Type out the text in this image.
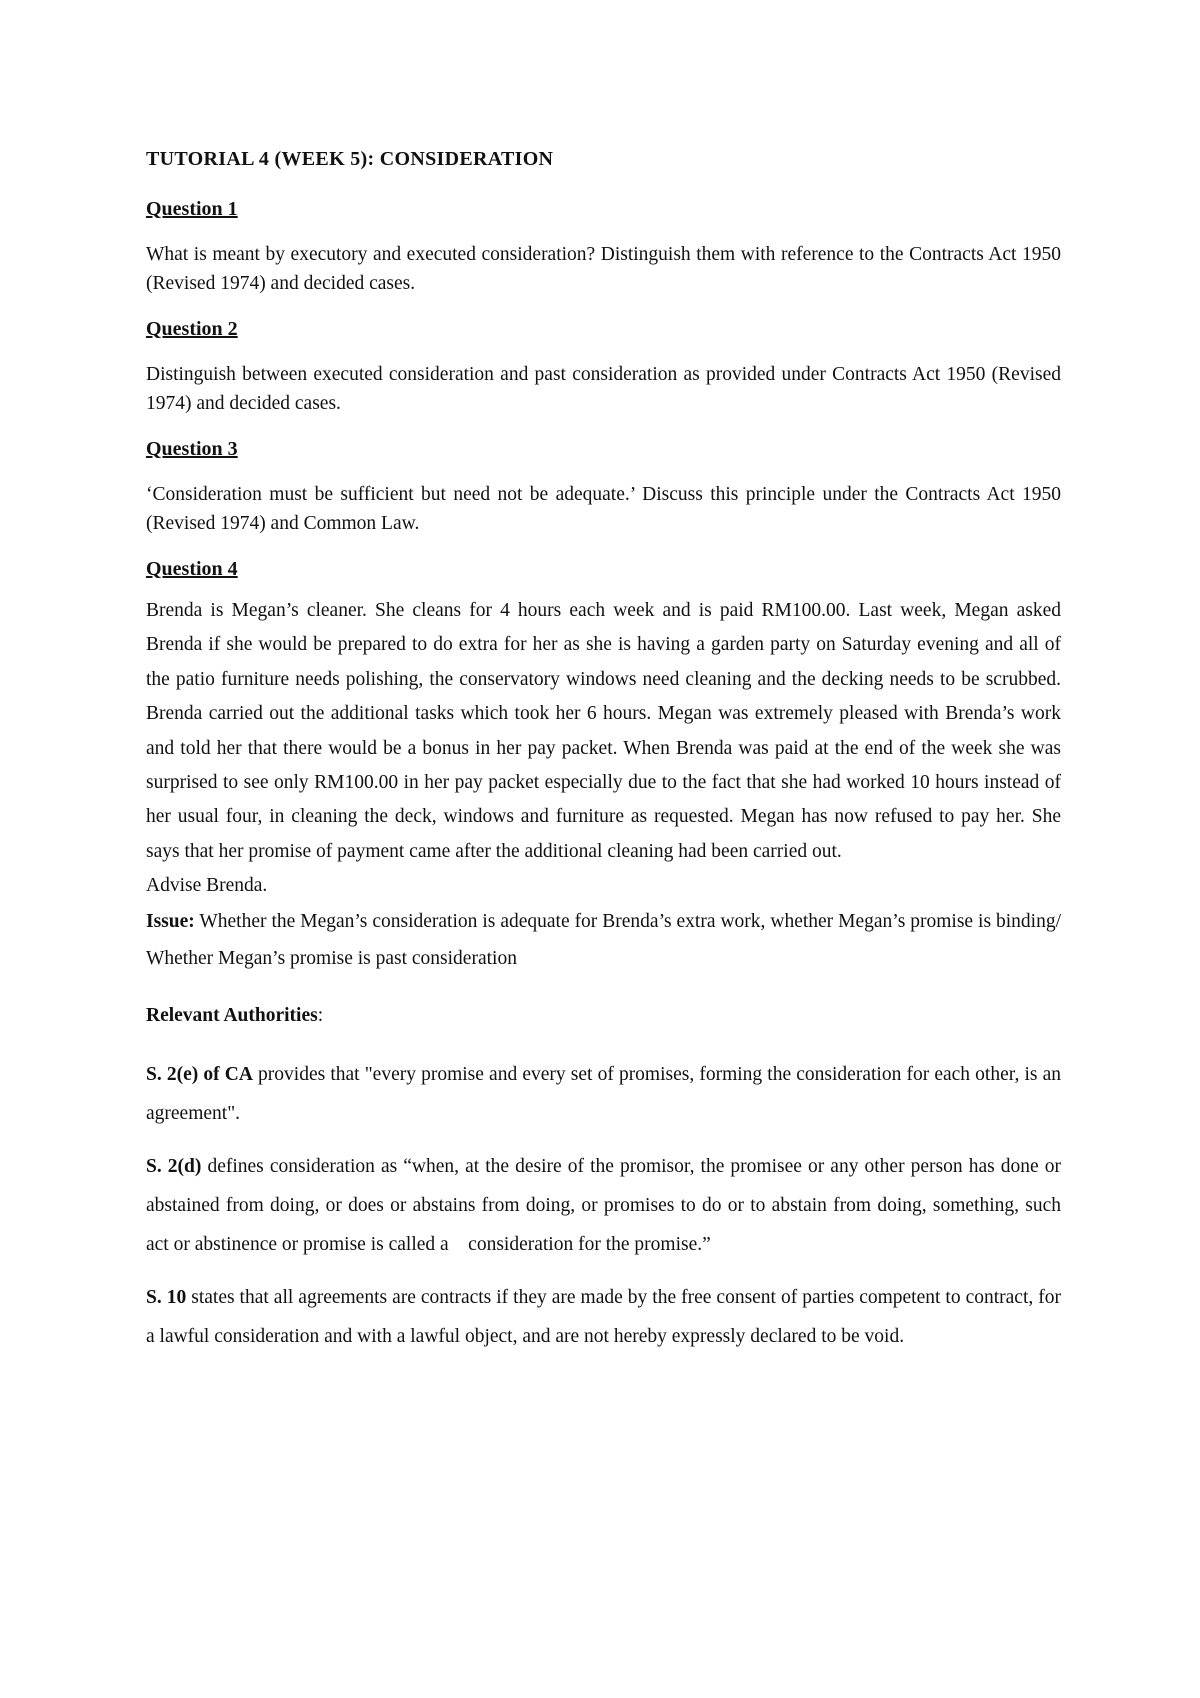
TUTORIAL 4 (WEEK 5): CONSIDERATION
Question 1
What is meant by executory and executed consideration? Distinguish them with reference to the Contracts Act 1950 (Revised 1974) and decided cases.
Question 2
Distinguish between executed consideration and past consideration as provided under Contracts Act 1950 (Revised 1974) and decided cases.
Question 3
‘Consideration must be sufficient but need not be adequate.’ Discuss this principle under the Contracts Act 1950 (Revised 1974) and Common Law.
Question 4
Brenda is Megan’s cleaner. She cleans for 4 hours each week and is paid RM100.00. Last week, Megan asked Brenda if she would be prepared to do extra for her as she is having a garden party on Saturday evening and all of the patio furniture needs polishing, the conservatory windows need cleaning and the decking needs to be scrubbed. Brenda carried out the additional tasks which took her 6 hours. Megan was extremely pleased with Brenda’s work and told her that there would be a bonus in her pay packet. When Brenda was paid at the end of the week she was surprised to see only RM100.00 in her pay packet especially due to the fact that she had worked 10 hours instead of her usual four, in cleaning the deck, windows and furniture as requested. Megan has now refused to pay her. She says that her promise of payment came after the additional cleaning had been carried out.
Advise Brenda.
Issue: Whether the Megan’s consideration is adequate for Brenda’s extra work, whether Megan’s promise is binding/ Whether Megan’s promise is past consideration
Relevant Authorities:
S. 2(e) of CA provides that "every promise and every set of promises, forming the consideration for each other, is an agreement".
S. 2(d) defines consideration as “when, at the desire of the promisor, the promisee or any other person has done or abstained from doing, or does or abstains from doing, or promises to do or to abstain from doing, something, such act or abstinence or promise is called a    consideration for the promise.”
S. 10 states that all agreements are contracts if they are made by the free consent of parties competent to contract, for a lawful consideration and with a lawful object, and are not hereby expressly declared to be void.
